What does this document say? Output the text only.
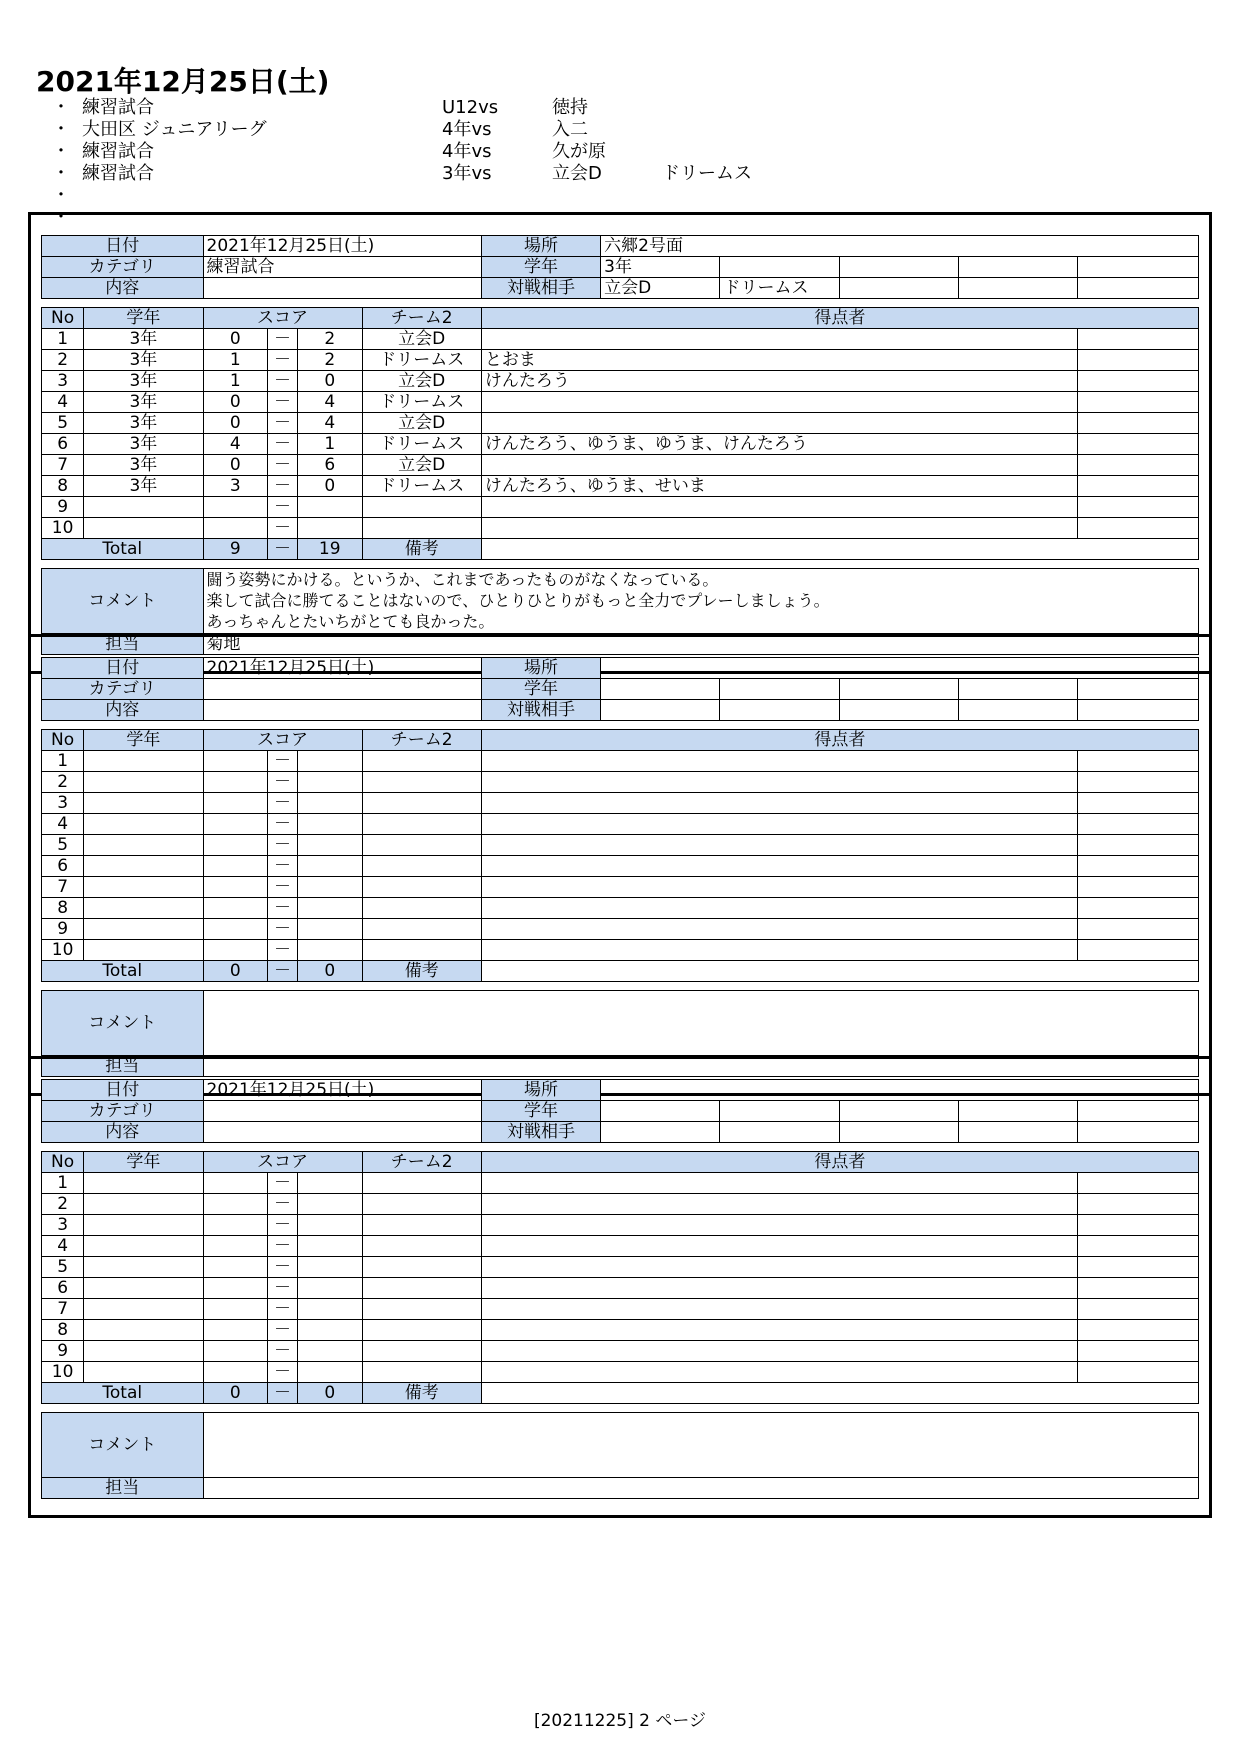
2021年12月25日(土)
・ 練習試合	U12vs	徳持
・ 大田区 ジュニアリーグ	4年vs	入二
・ 練習試合	4年vs	久が原
・ 練習試合	3年vs	立会D	ドリームス
・
・
日付	2021年12月25日(土)	場所	六郷2号面				
カテゴリ	練習試合	学年	3年				
内容		対戦相手	立会D	ドリームス			
No	学年	スコア			チーム2	得点者	
1	3年	0	－	2	立会D		
2	3年	1	－	2	ドリームス	とおま	
3	3年	1	－	0	立会D	けんたろう	
4	3年	0	－	4	ドリームス		
5	3年	0	－	4	立会D		
6	3年	4	－	1	ドリームス	けんたろう、ゆうま、ゆうま、けんたろう	
7	3年	0	－	6	立会D		
8	3年	3	－	0	ドリームス	けんたろう、ゆうま、せいま	
9			－				
10			－				
Total		9	－	19	備考		
コメント	闘う姿勢にかける。というか、これまであったものがなくなっている。
楽して試合に勝てることはないので、ひとりひとりがもっと全力でプレーしましょう。
あっちゃんとたいちがとても良かった。

担当	菊地
日付	2021年12月25日(土)	場所					
カテゴリ		学年					
内容		対戦相手					
No	学年	スコア			チーム2	得点者	
1			－				
2			－				
3			－				
4			－				
5			－				
6			－				
7			－				
8			－				
9			－				
10			－				
Total		0	－	0	備考		
コメント	

担当	
日付	2021年12月25日(土)	場所					
カテゴリ		学年					
内容		対戦相手					
No	学年	スコア			チーム2	得点者	
1			－				
2			－				
3			－				
4			－				
5			－				
6			－				
7			－				
8			－				
9			－				
10			－				
Total		0	－	0	備考		
コメント	

担当	
[20211225] 2 ページ
